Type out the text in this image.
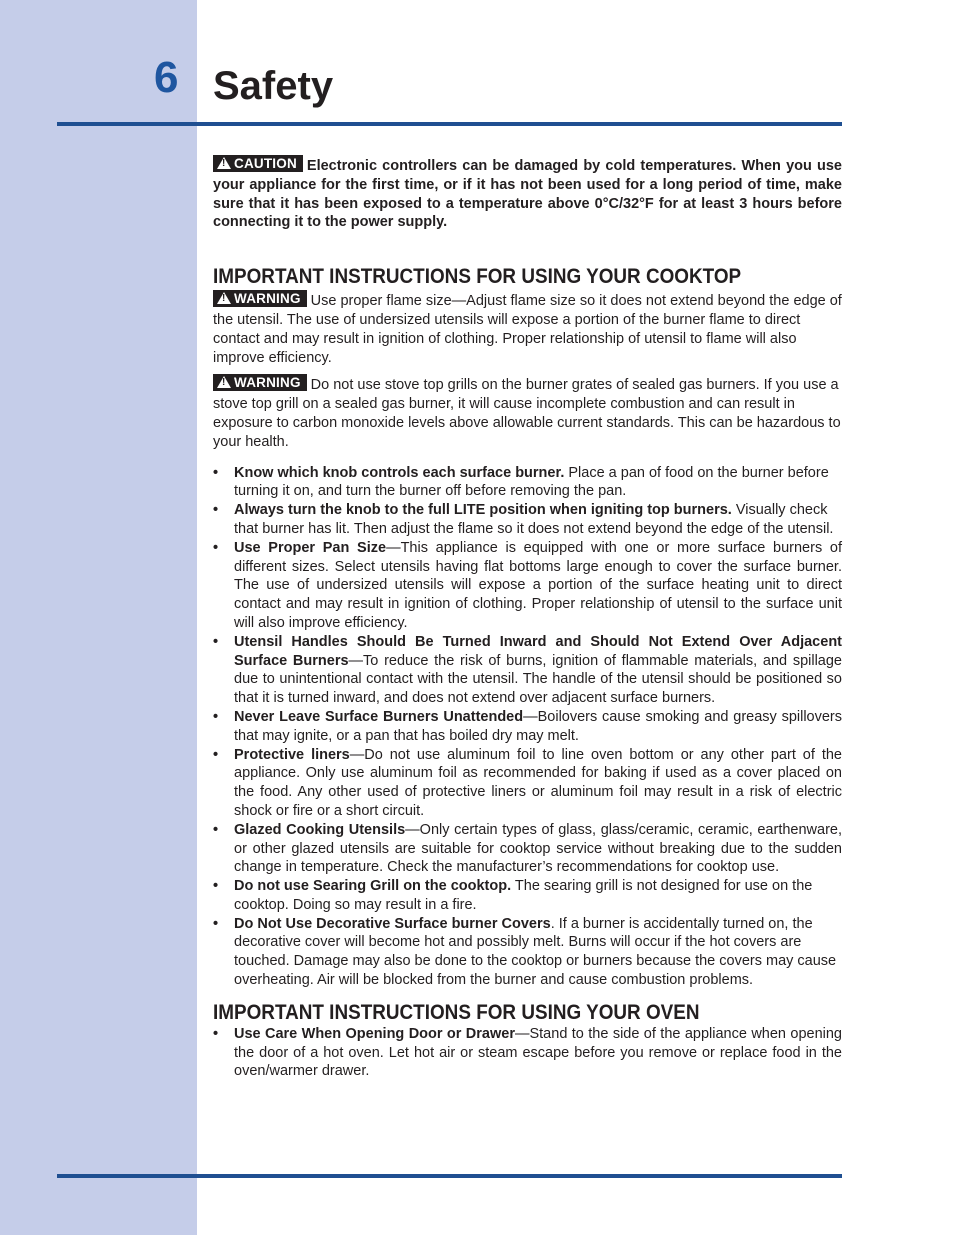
6 Safety

!CAUTION Electronic controllers can be damaged by cold temperatures. When you use your appliance for the first time, or if it has not been used for a long period of time, make sure that it has been exposed to a temperature above 0°C/32°F for at least 3 hours before connecting it to the power supply.

IMPORTANT INSTRUCTIONS FOR USING YOUR COOKTOP

!WARNING Use proper flame size—Adjust flame size so it does not extend beyond the edge of the utensil. The use of undersized utensils will expose a portion of the burner flame to direct contact and may result in ignition of clothing. Proper relationship of utensil to flame will also improve efficiency.

!WARNING Do not use stove top grills on the burner grates of sealed gas burners. If you use a stove top grill on a sealed gas burner, it will cause incomplete combustion and can result in exposure to carbon monoxide levels above allowable current standards. This can be hazardous to your health.

• Know which knob controls each surface burner. Place a pan of food on the burner before turning it on, and turn the burner off before removing the pan.
• Always turn the knob to the full LITE position when igniting top burners. Visually check that burner has lit. Then adjust the flame so it does not extend beyond the edge of the utensil.
• Use Proper Pan Size—This appliance is equipped with one or more surface burners of different sizes. Select utensils having flat bottoms large enough to cover the surface burner. The use of undersized utensils will expose a portion of the surface heating unit to direct contact and may result in ignition of clothing. Proper relationship of utensil to the surface unit will also improve efficiency.
• Utensil Handles Should Be Turned Inward and Should Not Extend Over Adjacent Surface Burners—To reduce the risk of burns, ignition of flammable materials, and spillage due to unintentional contact with the utensil. The handle of the utensil should be positioned so that it is turned inward, and does not extend over adjacent surface burners.
• Never Leave Surface Burners Unattended—Boilovers cause smoking and greasy spillovers that may ignite, or a pan that has boiled dry may melt.
• Protective liners—Do not use aluminum foil to line oven bottom or any other part of the appliance. Only use aluminum foil as recommended for baking if used as a cover placed on the food. Any other used of protective liners or aluminum foil may result in a risk of electric shock or fire or a short circuit.
• Glazed Cooking Utensils—Only certain types of glass, glass/ceramic, ceramic, earthenware, or other glazed utensils are suitable for cooktop service without breaking due to the sudden change in temperature. Check the manufacturer’s recommendations for cooktop use.
• Do not use Searing Grill on the cooktop. The searing grill is not designed for use on the cooktop. Doing so may result in a fire.
• Do Not Use Decorative Surface burner Covers. If a burner is accidentally turned on, the decorative cover will become hot and possibly melt. Burns will occur if the hot covers are touched. Damage may also be done to the cooktop or burners because the covers may cause overheating. Air will be blocked from the burner and cause combustion problems.
IMPORTANT INSTRUCTIONS FOR USING YOUR OVEN
• Use Care When Opening Door or Drawer—Stand to the side of the appliance when opening the door of a hot oven. Let hot air or steam escape before you remove or replace food in the oven/warmer drawer.
